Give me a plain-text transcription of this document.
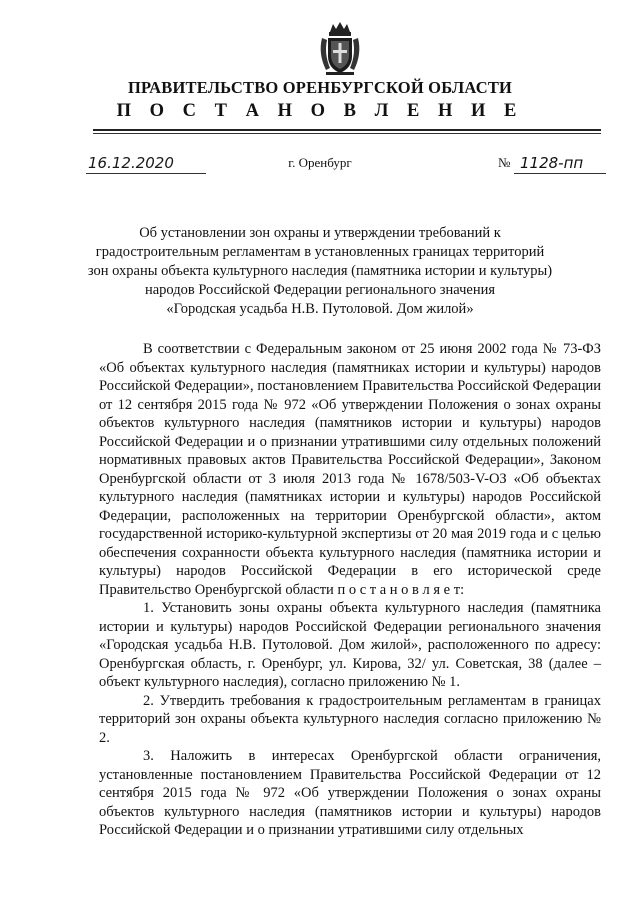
ПРАВИТЕЛЬСТВО ОРЕНБУРГСКОЙ ОБЛАСТИ
П О С Т А Н О В Л Е Н И Е
16.12.2020	г. Оренбург	№ 1128-пп
Об установлении зон охраны и утверждении требований к
градостроительным регламентам в установленных границах территорий
зон охраны объекта культурного наследия (памятника истории и культуры)
народов Российской Федерации регионального значения
«Городская усадьба Н.В. Путоловой. Дом жилой»

В соответствии с Федеральным законом от 25 июня 2002 года № 73-ФЗ «Об объектах культурного наследия (памятниках истории и культуры) народов Российской Федерации», постановлением Правительства Российской Федерации от 12 сентября 2015 года № 972 «Об утверждении Положения о зонах охраны объектов культурного наследия (памятников истории и культуры) народов Российской Федерации и о признании утратившими силу отдельных положений нормативных правовых актов Правительства Российской Федерации», Законом Оренбургской области от 3 июля 2013 года № 1678/503-V-ОЗ «Об объектах культурного наследия (памятниках истории и культуры) народов Российской Федерации, расположенных на территории Оренбургской области», актом государственной историко-культурной экспертизы от 20 мая 2019 года и с целью обеспечения сохранности объекта культурного наследия (памятника истории и культуры) народов Российской Федерации в его исторической среде Правительство Оренбургской области п о с т а н о в л я е т:

1. Установить зоны охраны объекта культурного наследия (памятника истории и культуры) народов Российской Федерации регионального значения «Городская усадьба Н.В. Путоловой. Дом жилой», расположенного по адресу: Оренбургская область, г. Оренбург, ул. Кирова, 32/ ул. Советская, 38 (далее – объект культурного наследия), согласно приложению № 1.

2. Утвердить требования к градостроительным регламентам в границах территорий зон охраны объекта культурного наследия согласно приложению № 2.

3. Наложить в интересах Оренбургской области ограничения, установленные постановлением Правительства Российской Федерации от 12 сентября 2015 года № 972 «Об утверждении Положения о зонах охраны объектов культурного наследия (памятников истории и культуры) народов Российской Федерации и о признании утратившими силу отдельных
